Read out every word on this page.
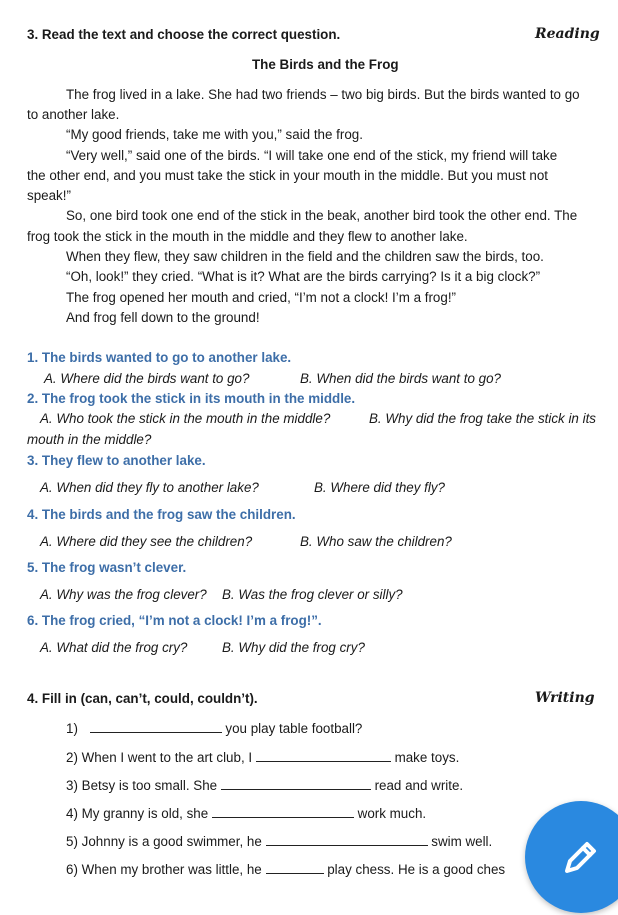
3. Read the text and choose the correct question.	Reading
The Birds and the Frog
The frog lived in a lake. She had two friends – two big birds. But the birds wanted to go
to another lake.
“My good friends, take me with you,” said the frog.
“Very well,” said one of the birds. “I will take one end of the stick, my friend will take
the other end, and you must take the stick in your mouth in the middle. But you must not
speak!”
So, one bird took one end of the stick in the beak, another bird took the other end. The
frog took the stick in the mouth in the middle and they flew to another lake.
When they flew, they saw children in the field and the children saw the birds, too.
“Oh, look!” they cried. “What is it? What are the birds carrying? Is it a big clock?”
The frog opened her mouth and cried, “I’m not a clock! I’m a frog!”
And frog fell down to the ground!
1. The birds wanted to go to another lake.
A. Where did the birds want to go?	B. When did the birds want to go?
2. The frog took the stick in its mouth in the middle.
A. Who took the stick in the mouth in the middle?	B. Why did the frog take the stick in its
mouth in the middle?
3. They flew to another lake.
A. When did they fly to another lake?	B. Where did they fly?
4. The birds and the frog saw the children.
A. Where did they see the children?	B. Who saw the children?
5. The frog wasn’t clever.
A. Why was the frog clever? B. Was the frog clever or silly?
6. The frog cried, “I’m not a clock! I’m a frog!”.
A. What did the frog cry?	B. Why did the frog cry?
4. Fill in (can, can’t, could, couldn’t).	Writing
1)	you play table football?
2) When I went to the art club, I	make toys.
3) Betsy is too small. She	read and write.
4) My granny is old, she	work much.
5) Johnny is a good swimmer, he	swim well.
6) When my brother was little, he	play chess. He is a good ches
